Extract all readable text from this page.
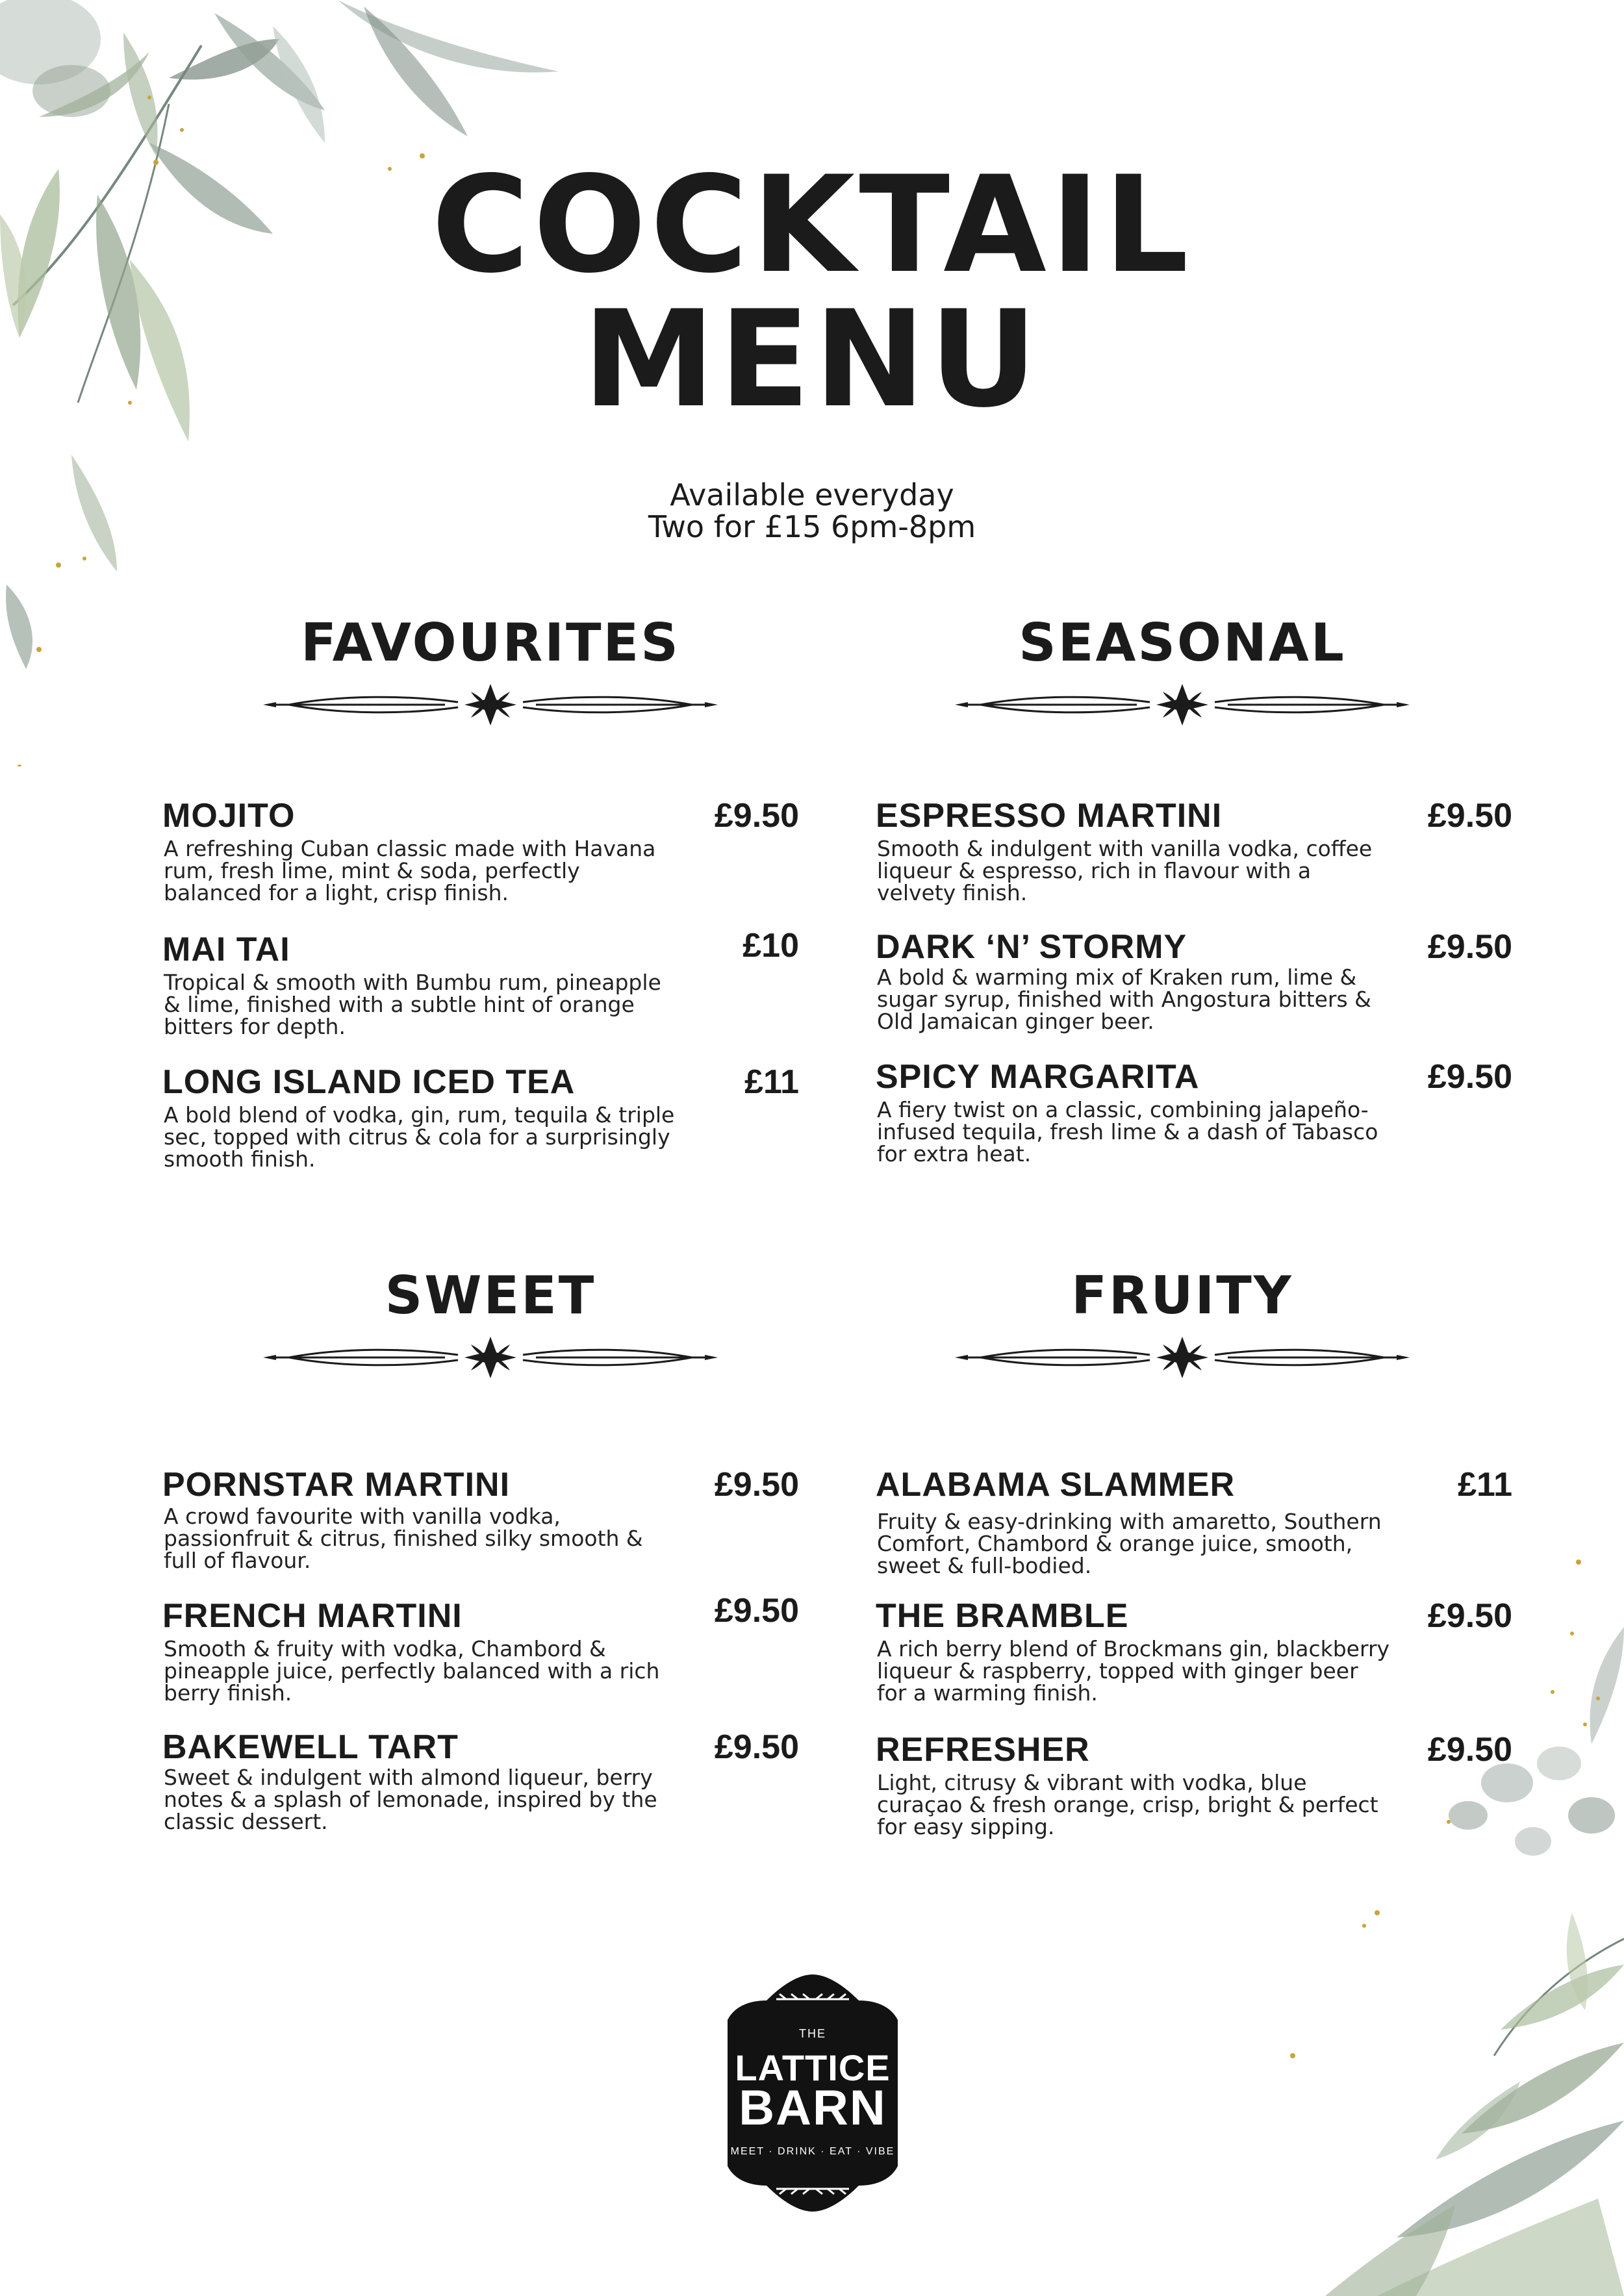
COCKTAIL
MENU
Available everyday
Two for £15 6pm-8pm
FAVOURITES
MOJITO	£9.50
A refreshing Cuban classic made with Havana rum, fresh lime, mint & soda, perfectly balanced for a light, crisp finish.
MAI TAI	£10
Tropical & smooth with Bumbu rum, pineapple & lime, finished with a subtle hint of orange bitters for depth.
LONG ISLAND ICED TEA	£11
A bold blend of vodka, gin, rum, tequila & triple sec, topped with citrus & cola for a surprisingly smooth finish.
SEASONAL
ESPRESSO MARTINI	£9.50
Smooth & indulgent with vanilla vodka, coffee liqueur & espresso, rich in flavour with a velvety finish.
DARK ‘N’ STORMY	£9.50
A bold & warming mix of Kraken rum, lime & sugar syrup, finished with Angostura bitters & Old Jamaican ginger beer.
SPICY MARGARITA	£9.50
A fiery twist on a classic, combining jalapeño-infused tequila, fresh lime & a dash of Tabasco for extra heat.
SWEET
PORNSTAR MARTINI	£9.50
A crowd favourite with vanilla vodka, passionfruit & citrus, finished silky smooth & full of flavour.
FRENCH MARTINI	£9.50
Smooth & fruity with vodka, Chambord & pineapple juice, perfectly balanced with a rich berry finish.
BAKEWELL TART	£9.50
Sweet & indulgent with almond liqueur, berry notes & a splash of lemonade, inspired by the classic dessert.
FRUITY
ALABAMA SLAMMER	£11
Fruity & easy-drinking with amaretto, Southern Comfort, Chambord & orange juice, smooth, sweet & full-bodied.
THE BRAMBLE	£9.50
A rich berry blend of Brockmans gin, blackberry liqueur & raspberry, topped with ginger beer for a warming finish.
REFRESHER	£9.50
Light, citrusy & vibrant with vodka, blue curaçao & fresh orange, crisp, bright & perfect for easy sipping.
THE
LATTICE
BARN
MEET · DRINK · EAT · VIBE
